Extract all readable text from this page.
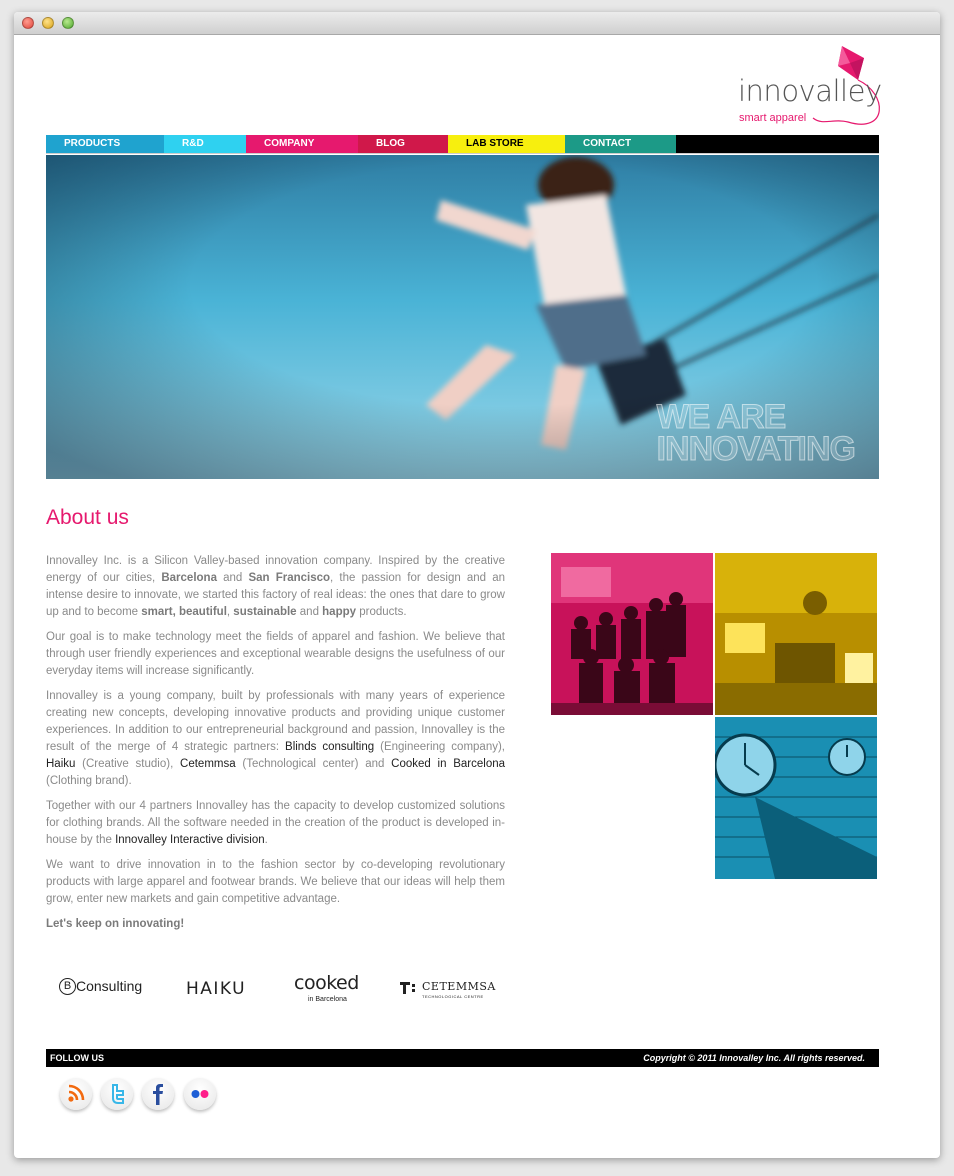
innovalley
smart apparel
PRODUCTS	R&D	COMPANY	BLOG	LAB STORE	CONTACT
WE ARE
INNOVATING
About us

Innovalley Inc. is a Silicon Valley-based innovation company. Inspired by the creative energy of our cities, Barcelona and San Francisco, the passion for design and an intense desire to innovate, we started this factory of real ideas: the ones that dare to grow up and to become smart, beautiful, sustainable and happy products.

Our goal is to make technology meet the fields of apparel and fashion. We believe that through user friendly experiences and exceptional wearable designs the usefulness of our everyday items will increase significantly.

Innovalley is a young company, built by professionals with many years of experience creating new concepts, developing innovative products and providing unique customer experiences. In addition to our entrepreneurial background and passion, Innovalley is the result of the merge of 4 strategic partners: Blinds consulting (Engineering company), Haiku (Creative studio), Cetemmsa (Technological center) and Cooked in Barcelona (Clothing brand).

Together with our 4 partners Innovalley has the capacity to develop customized solutions for clothing brands. All the software needed in the creation of the product is developed in-house by the Innovalley Interactive division.

We want to drive innovation in to the fashion sector by co-developing revolutionary products with large apparel and footwear brands. We believe that our ideas will help them grow, enter new markets and gain competitive advantage.

Let's keep on innovating!

B Consulting	HAIKU	cooked
in Barcelona
CETEMMSA
TECHNOLOGICAL CENTRE
FOLLOW US	Copyright © 2011 Innovalley Inc. All rights reserved.
